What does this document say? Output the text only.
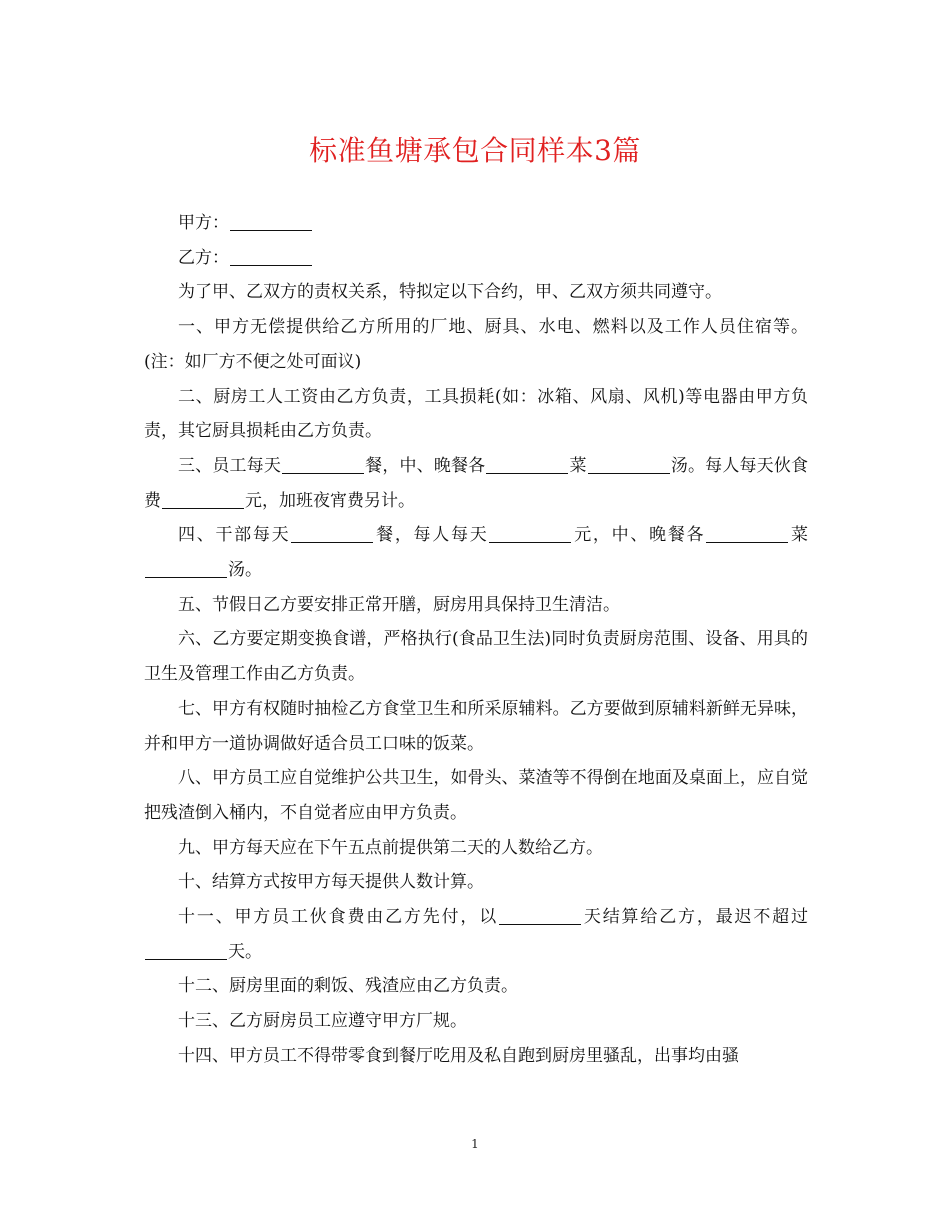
标准鱼塘承包合同样本3篇

甲方：

乙方：

为了甲、乙双方的责权关系，特拟定以下合约，甲、乙双方须共同遵守。

一、甲方无偿提供给乙方所用的厂地、厨具、水电、燃料以及工作人员住宿等。(注：如厂方不便之处可面议)

二、厨房工人工资由乙方负责，工具损耗(如：冰箱、风扇、风机)等电器由甲方负责，其它厨具损耗由乙方负责。

三、员工每天	餐，中、晚餐各	菜	汤。每人每天伙食费	元，加班夜宵费另计。

四、干部每天	餐，每人每天	元，中、晚餐各	菜汤。

五、节假日乙方要安排正常开膳，厨房用具保持卫生清洁。

六、乙方要定期变换食谱，严格执行(食品卫生法)同时负责厨房范围、设备、用具的卫生及管理工作由乙方负责。

七、甲方有权随时抽检乙方食堂卫生和所采原辅料。乙方要做到原辅料新鲜无异味，并和甲方一道协调做好适合员工口味的饭菜。

八、甲方员工应自觉维护公共卫生，如骨头、菜渣等不得倒在地面及桌面上，应自觉把残渣倒入桶内，不自觉者应由甲方负责。

九、甲方每天应在下午五点前提供第二天的人数给乙方。

十、结算方式按甲方每天提供人数计算。

十一、甲方员工伙食费由乙方先付，以	天结算给乙方，最迟不超过天。

十二、厨房里面的剩饭、残渣应由乙方负责。

十三、乙方厨房员工应遵守甲方厂规。

十四、甲方员工不得带零食到餐厅吃用及私自跑到厨房里骚乱，出事均由骚

1
